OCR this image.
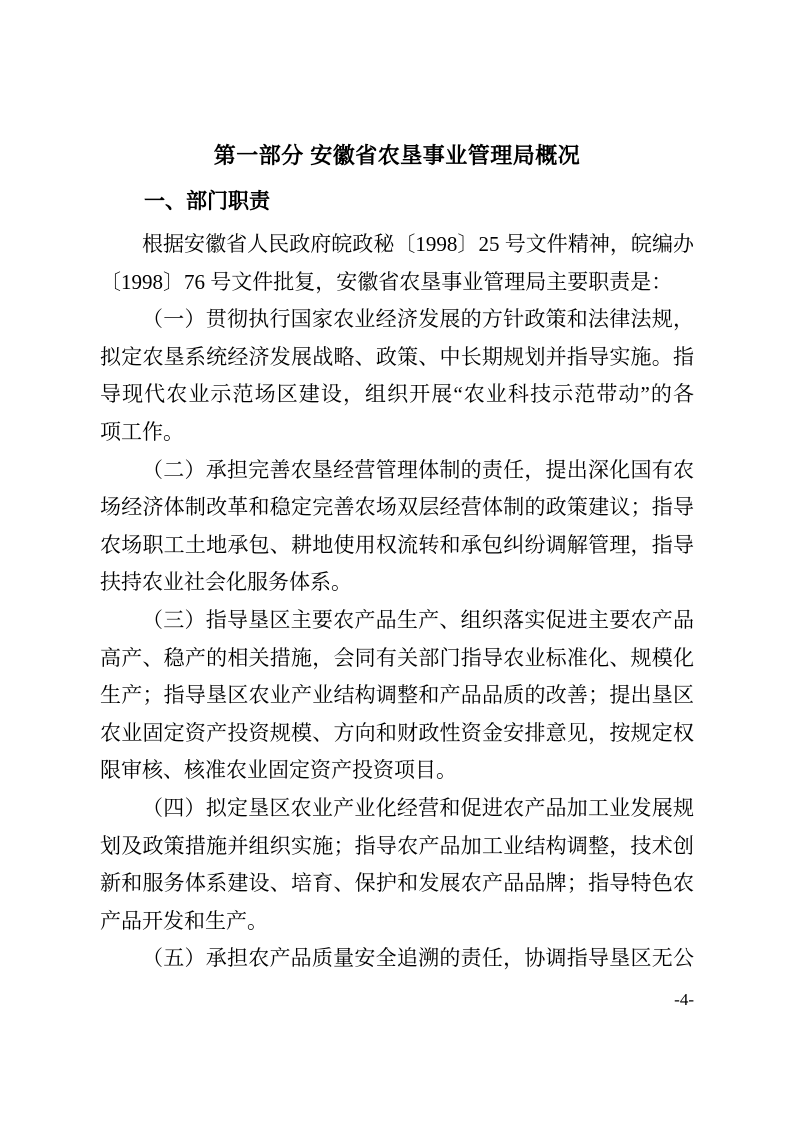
第一部分 安徽省农垦事业管理局概况
一、部门职责
根据安徽省人民政府皖政秘〔1998〕25 号文件精神，皖编办
〔1998〕76 号文件批复，安徽省农垦事业管理局主要职责是：
（一）贯彻执行国家农业经济发展的方针政策和法律法规，
拟定农垦系统经济发展战略、政策、中长期规划并指导实施。指
导现代农业示范场区建设，组织开展“农业科技示范带动”的各
项工作。
（二）承担完善农垦经营管理体制的责任，提出深化国有农
场经济体制改革和稳定完善农场双层经营体制的政策建议；指导
农场职工土地承包、耕地使用权流转和承包纠纷调解管理，指导
扶持农业社会化服务体系。
（三）指导垦区主要农产品生产、组织落实促进主要农产品
高产、稳产的相关措施，会同有关部门指导农业标准化、规模化
生产；指导垦区农业产业结构调整和产品品质的改善；提出垦区
农业固定资产投资规模、方向和财政性资金安排意见，按规定权
限审核、核准农业固定资产投资项目。
（四）拟定垦区农业产业化经营和促进农产品加工业发展规
划及政策措施并组织实施；指导农产品加工业结构调整，技术创
新和服务体系建设、培育、保护和发展农产品品牌；指导特色农
产品开发和生产。
（五）承担农产品质量安全追溯的责任，协调指导垦区无公
-4-
